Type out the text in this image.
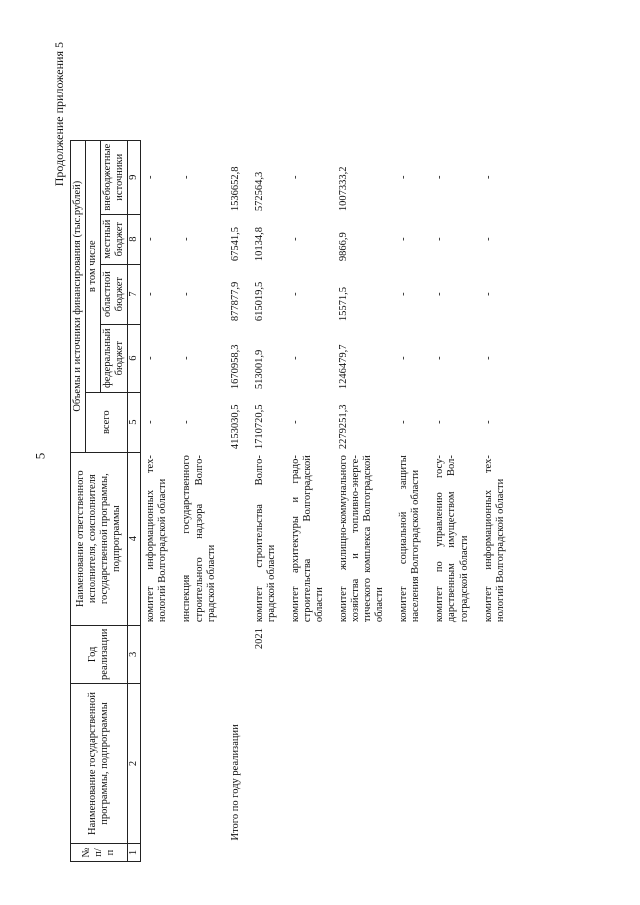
5
Продолжение приложения 5
№ п/п	Наименование государственной программы, подпрограммы	Год реализации	Наименование ответственного исполнителя, соисполнителя государственной программы, подпрограммы	Объемы и источники финансирования (тыс.рублей)				
				всего	в том числе			
					федеральный бюджет	областной бюджет	местный бюджет	внебюджетные источники
1	2	3	4	5	6	7	8	9
			комитет информационных технологий Волгоградской области	-	-	-	-	-
			инспекция государственного строительного надзора Волгоградской области	-	-	-	-	-
	Итого по году реализации			4153030,5	1670958,3	877877,9	67541,5	1536652,8
		2021	комитет строительства Волгоградской области	1710720,5	513001,9	615019,5	10134,8	572564,3
			комитет архитектуры и градостроительства Волгоградской области	-	-	-	-	-
			комитет жилищно-коммунального хозяйства и топливно-энергетического комплекса Волгоградской области	2279251,3	1246479,7	15571,5	9866,9	1007333,2
			комитет социальной защиты населения Волгоградской области	-	-	-	-	-
			комитет по управлению государственным имуществом Волгоградской области	-	-	-	-	-
			комитет информационных технологий Волгоградской области	-	-	-	-	-
